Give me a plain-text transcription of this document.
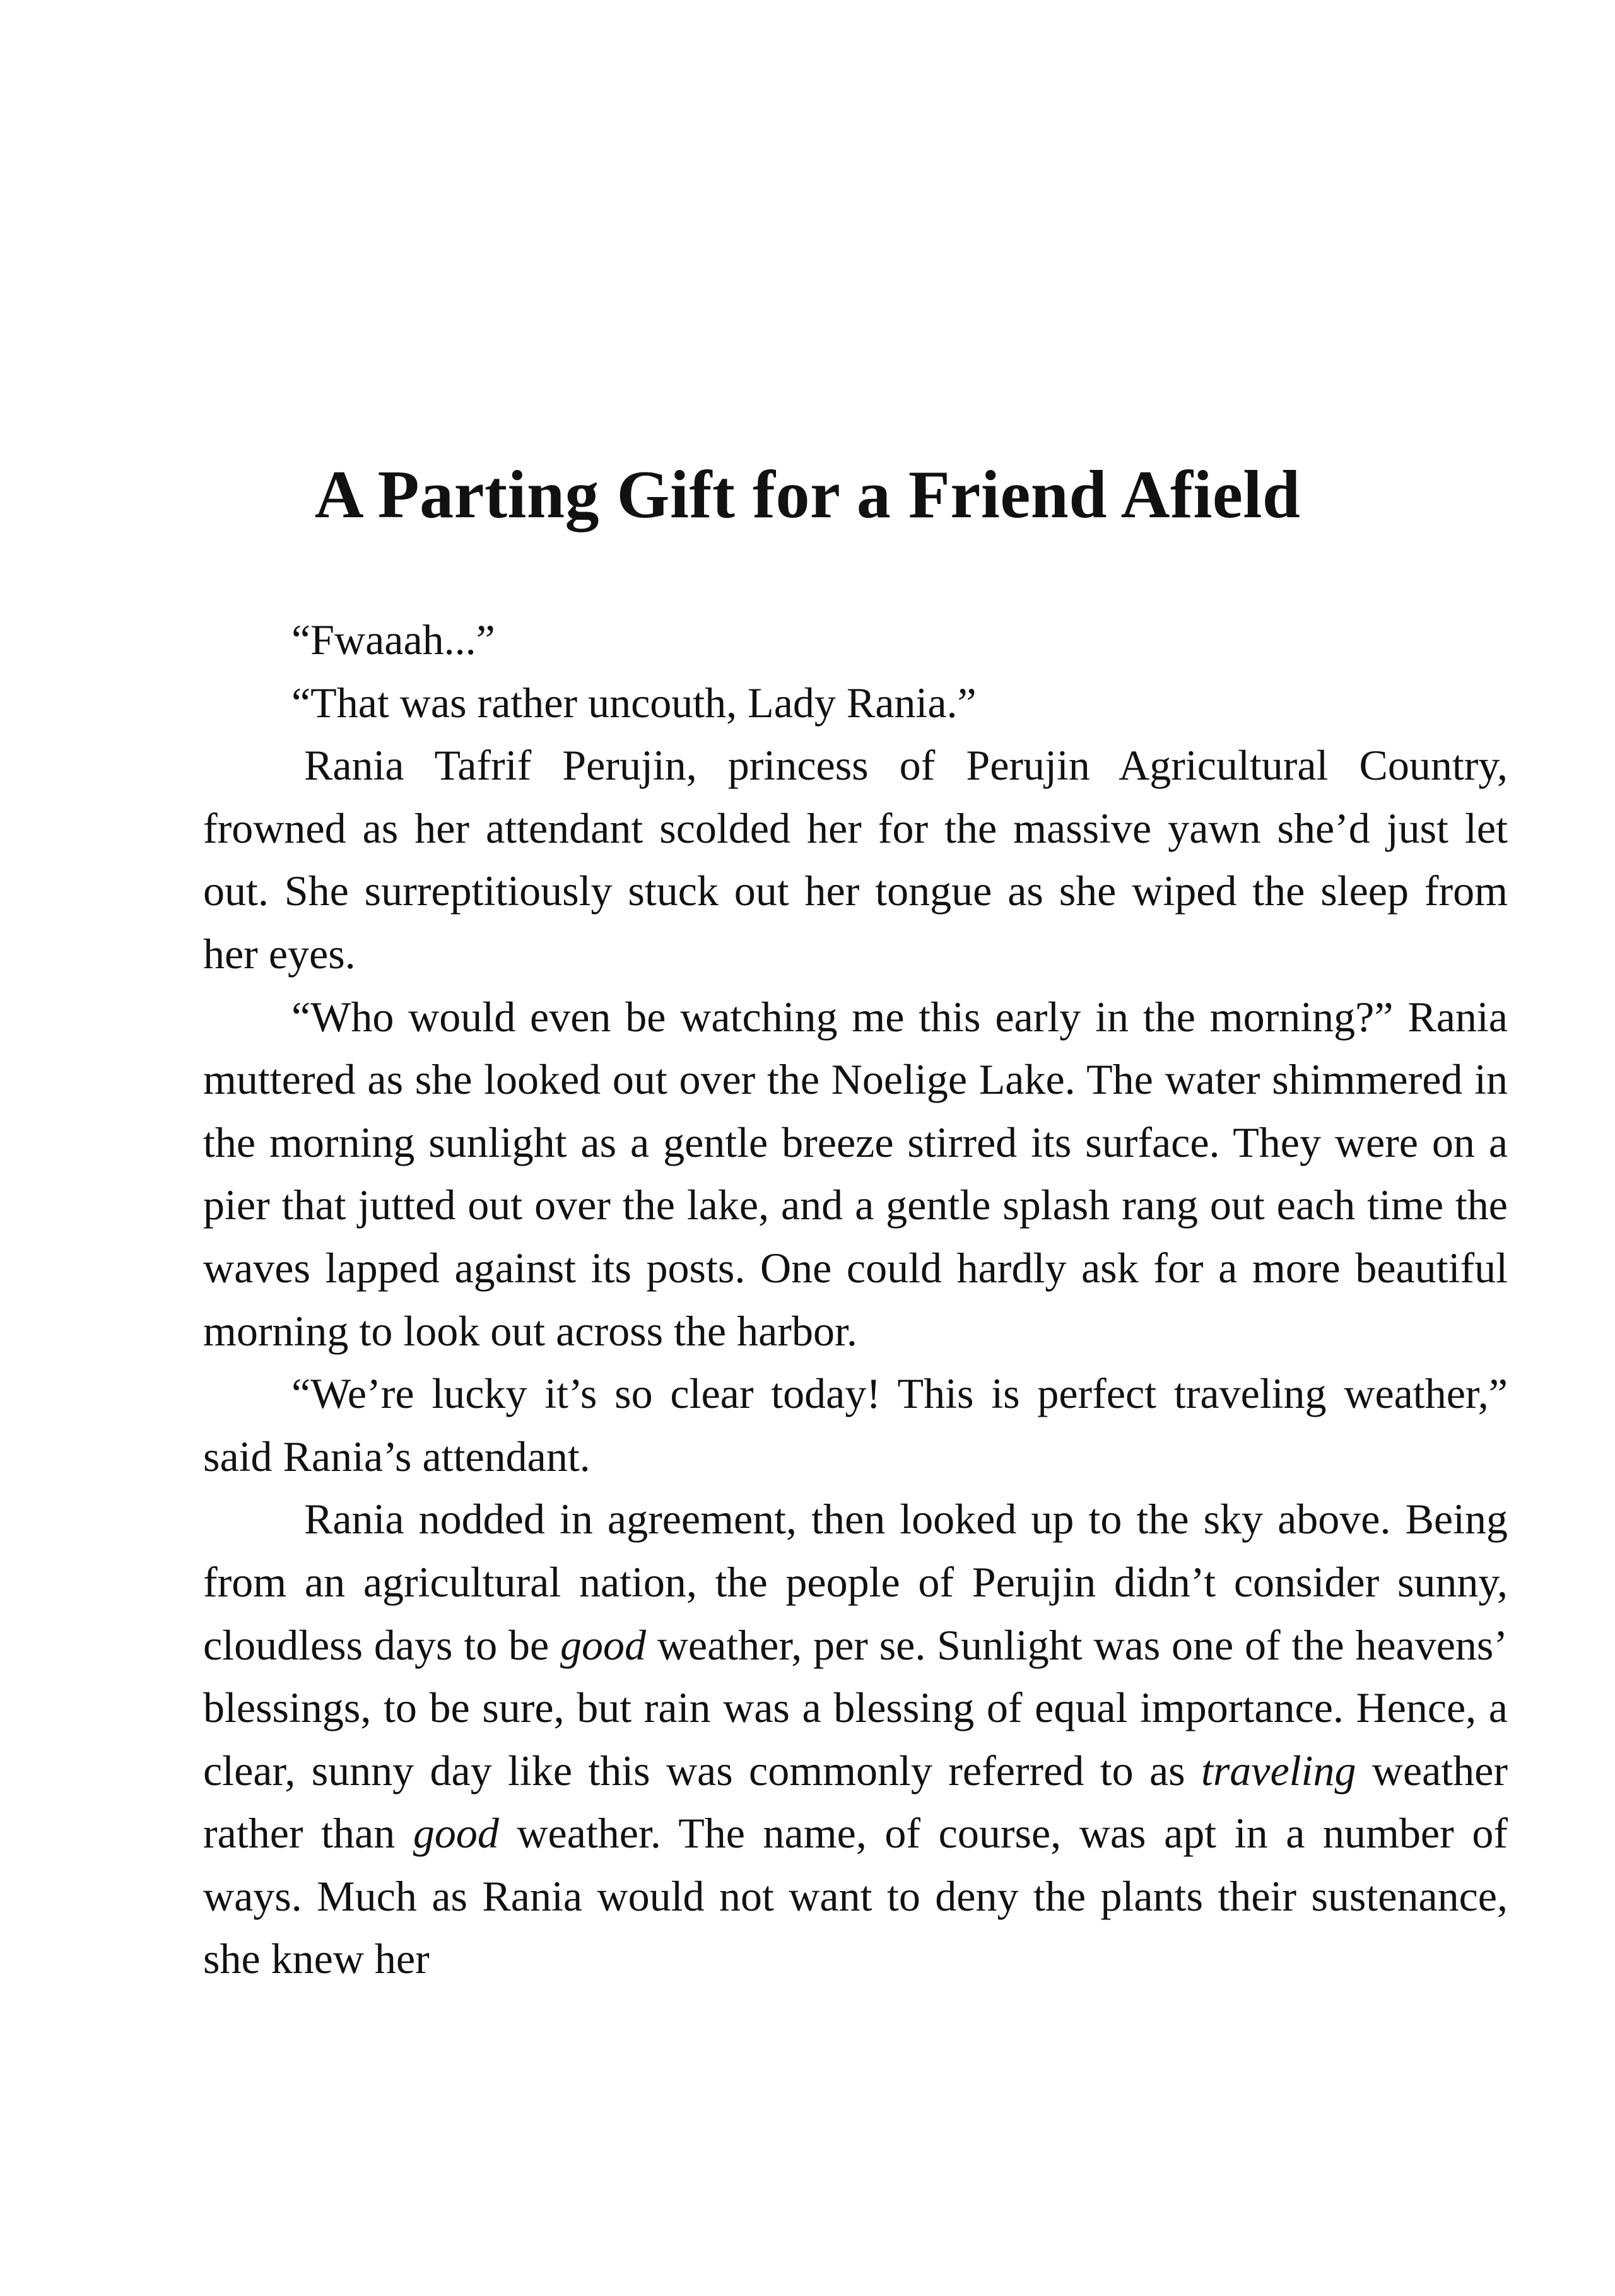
A Parting Gift for a Friend Afield

“Fwaaah...”

“That was rather uncouth, Lady Rania.”

Rania Tafrif Perujin, princess of Perujin Agricultural Country, frowned as her attendant scolded her for the massive yawn she’d just let out. She surreptitiously stuck out her tongue as she wiped the sleep from her eyes.

“Who would even be watching me this early in the morning?” Rania muttered as she looked out over the Noelige Lake. The water shimmered in the morning sunlight as a gentle breeze stirred its surface. They were on a pier that jutted out over the lake, and a gentle splash rang out each time the waves lapped against its posts. One could hardly ask for a more beautiful morning to look out across the harbor.

“We’re lucky it’s so clear today! This is perfect traveling weather,” said Rania’s attendant.

Rania nodded in agreement, then looked up to the sky above. Being from an agricultural nation, the people of Perujin didn’t consider sunny, cloudless days to be good weather, per se. Sunlight was one of the heavens’ blessings, to be sure, but rain was a blessing of equal importance. Hence, a clear, sunny day like this was commonly referred to as traveling weather rather than good weather. The name, of course, was apt in a number of ways. Much as Rania would not want to deny the plants their sustenance, she knew her
